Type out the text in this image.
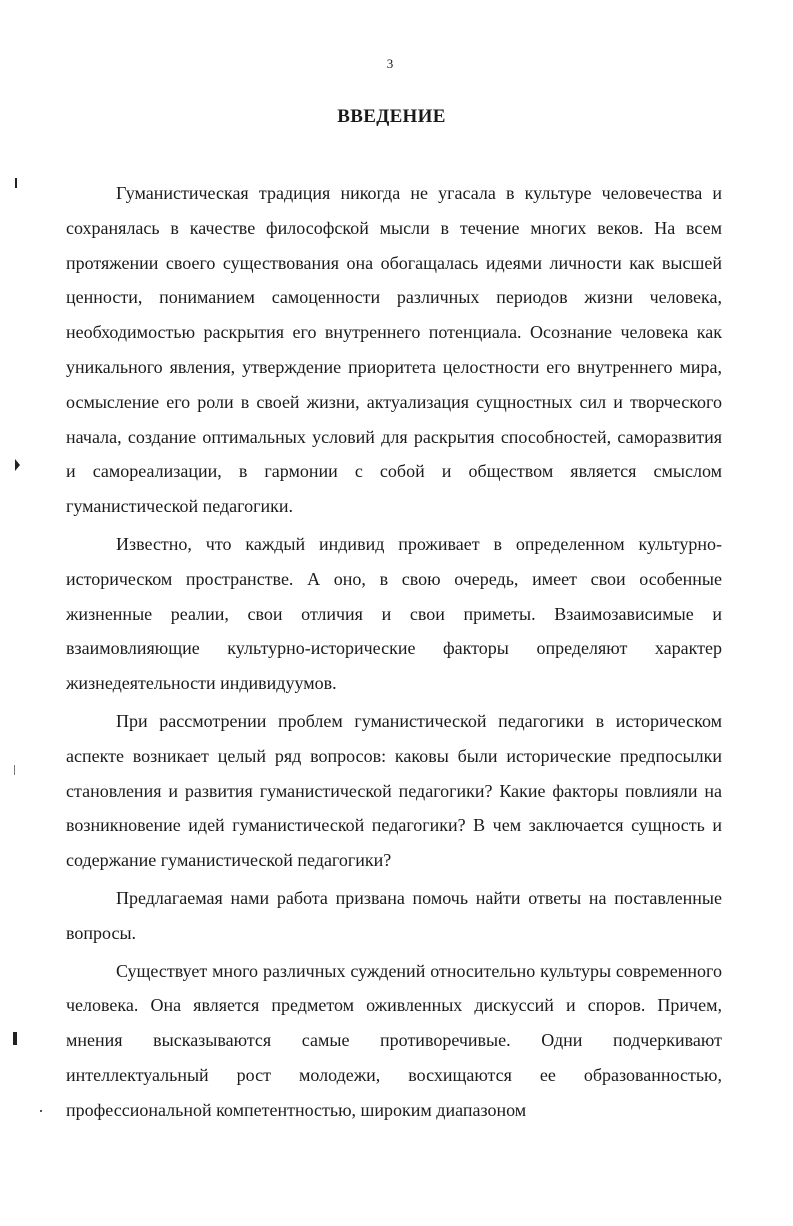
3
ВВЕДЕНИЕ

Гуманистическая традиция никогда не угасала в культуре человечества и сохранялась в качестве философской мысли в течение многих веков. На всем протяжении своего существования она обогащалась идеями личности как высшей ценности, пониманием самоценности различных периодов жизни человека, необходимостью раскрытия его внутреннего потенциала. Осознание человека как уникального явления, утверждение приоритета целостности его внутреннего мира, осмысление его роли в своей жизни, актуализация сущностных сил и творческого начала, создание оптимальных условий для раскрытия способностей, саморазвития и самореализации, в гармонии с собой и обществом является смыслом гуманистической педагогики.

Известно, что каждый индивид проживает в определенном культурно-историческом пространстве. А оно, в свою очередь, имеет свои особенные жизненные реалии, свои отличия и свои приметы. Взаимозависимые и взаимовлияющие культурно-исторические факторы определяют характер жизнедеятельности индивидуумов.

При рассмотрении проблем гуманистической педагогики в историческом аспекте возникает целый ряд вопросов: каковы были исторические предпосылки становления и развития гуманистической педагогики? Какие факторы повлияли на возникновение идей гуманистической педагогики? В чем заключается сущность и содержание гуманистической педагогики?

Предлагаемая нами работа призвана помочь найти ответы на поставленные вопросы.

Существует много различных суждений относительно культуры современного человека. Она является предметом оживленных дискуссий и споров. Причем, мнения высказываются самые противоречивые. Одни подчеркивают интеллектуальный рост молодежи, восхищаются ее образованностью, профессиональной компетентностью, широким диапазоном
